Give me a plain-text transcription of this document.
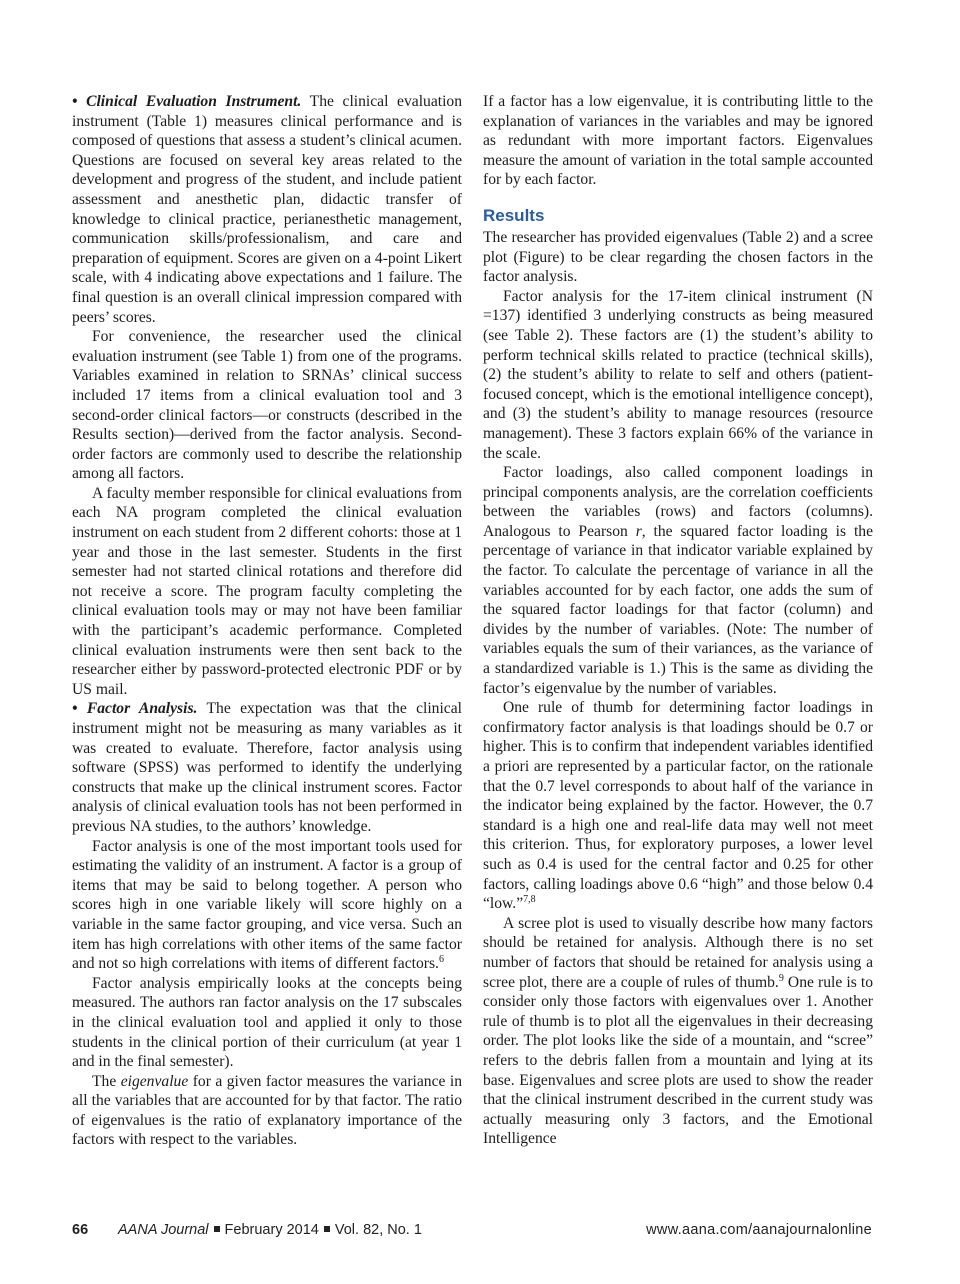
• Clinical Evaluation Instrument. The clinical evaluation instrument (Table 1) measures clinical performance and is composed of questions that assess a student’s clinical acumen. Questions are focused on several key areas related to the development and progress of the student, and include patient assessment and anesthetic plan, didactic transfer of knowledge to clinical practice, perianesthetic management, communication skills/professionalism, and care and preparation of equipment. Scores are given on a 4-point Likert scale, with 4 indicating above expectations and 1 failure. The final question is an overall clinical impression compared with peers’ scores.

For convenience, the researcher used the clinical evaluation instrument (see Table 1) from one of the programs. Variables examined in relation to SRNAs’ clinical success included 17 items from a clinical evaluation tool and 3 second-order clinical factors—or constructs (described in the Results section)—derived from the factor analysis. Second-order factors are commonly used to describe the relationship among all factors.

A faculty member responsible for clinical evaluations from each NA program completed the clinical evaluation instrument on each student from 2 different cohorts: those at 1 year and those in the last semester. Students in the first semester had not started clinical rotations and therefore did not receive a score. The program faculty completing the clinical evaluation tools may or may not have been familiar with the participant’s academic performance. Completed clinical evaluation instruments were then sent back to the researcher either by password-protected electronic PDF or by US mail.

• Factor Analysis. The expectation was that the clinical instrument might not be measuring as many variables as it was created to evaluate. Therefore, factor analysis using software (SPSS) was performed to identify the underlying constructs that make up the clinical instrument scores. Factor analysis of clinical evaluation tools has not been performed in previous NA studies, to the authors’ knowledge.

Factor analysis is one of the most important tools used for estimating the validity of an instrument. A factor is a group of items that may be said to belong together. A person who scores high in one variable likely will score highly on a variable in the same factor grouping, and vice versa. Such an item has high correlations with other items of the same factor and not so high correlations with items of different factors.$^6$

Factor analysis empirically looks at the concepts being measured. The authors ran factor analysis on the 17 subscales in the clinical evaluation tool and applied it only to those students in the clinical portion of their curriculum (at year 1 and in the final semester).

The eigenvalue for a given factor measures the variance in all the variables that are accounted for by that factor. The ratio of eigenvalues is the ratio of explanatory importance of the factors with respect to the variables.

If a factor has a low eigenvalue, it is contributing little to the explanation of variances in the variables and may be ignored as redundant with more important factors. Eigenvalues measure the amount of variation in the total sample accounted for by each factor.

Results

The researcher has provided eigenvalues (Table 2) and a scree plot (Figure) to be clear regarding the chosen factors in the factor analysis.

Factor analysis for the 17-item clinical instrument (N =137) identified 3 underlying constructs as being measured (see Table 2). These factors are (1) the student’s ability to perform technical skills related to practice (technical skills), (2) the student’s ability to relate to self and others (patient-focused concept, which is the emotional intelligence concept), and (3) the student’s ability to manage resources (resource management). These 3 factors explain 66% of the variance in the scale.

Factor loadings, also called component loadings in principal components analysis, are the correlation coefficients between the variables (rows) and factors (columns). Analogous to Pearson r, the squared factor loading is the percentage of variance in that indicator variable explained by the factor. To calculate the percentage of variance in all the variables accounted for by each factor, one adds the sum of the squared factor loadings for that factor (column) and divides by the number of variables. (Note: The number of variables equals the sum of their variances, as the variance of a standardized variable is 1.) This is the same as dividing the factor’s eigenvalue by the number of variables.

One rule of thumb for determining factor loadings in confirmatory factor analysis is that loadings should be 0.7 or higher. This is to confirm that independent variables identified a priori are represented by a particular factor, on the rationale that the 0.7 level corresponds to about half of the variance in the indicator being explained by the factor. However, the 0.7 standard is a high one and real-life data may well not meet this criterion. Thus, for exploratory purposes, a lower level such as 0.4 is used for the central factor and 0.25 for other factors, calling loadings above 0.6 “high” and those below 0.4 “low.”$^{7,8}$

A scree plot is used to visually describe how many factors should be retained for analysis. Although there is no set number of factors that should be retained for analysis using a scree plot, there are a couple of rules of thumb.$^9$ One rule is to consider only those factors with eigenvalues over 1. Another rule of thumb is to plot all the eigenvalues in their decreasing order. The plot looks like the side of a mountain, and “scree” refers to the debris fallen from a mountain and lying at its base. Eigenvalues and scree plots are used to show the reader that the clinical instrument described in the current study was actually measuring only 3 factors, and the Emotional Intelligence

66 AANA Journal February 2014 Vol. 82, No. 1	www.aana.com/aanajournalonline
